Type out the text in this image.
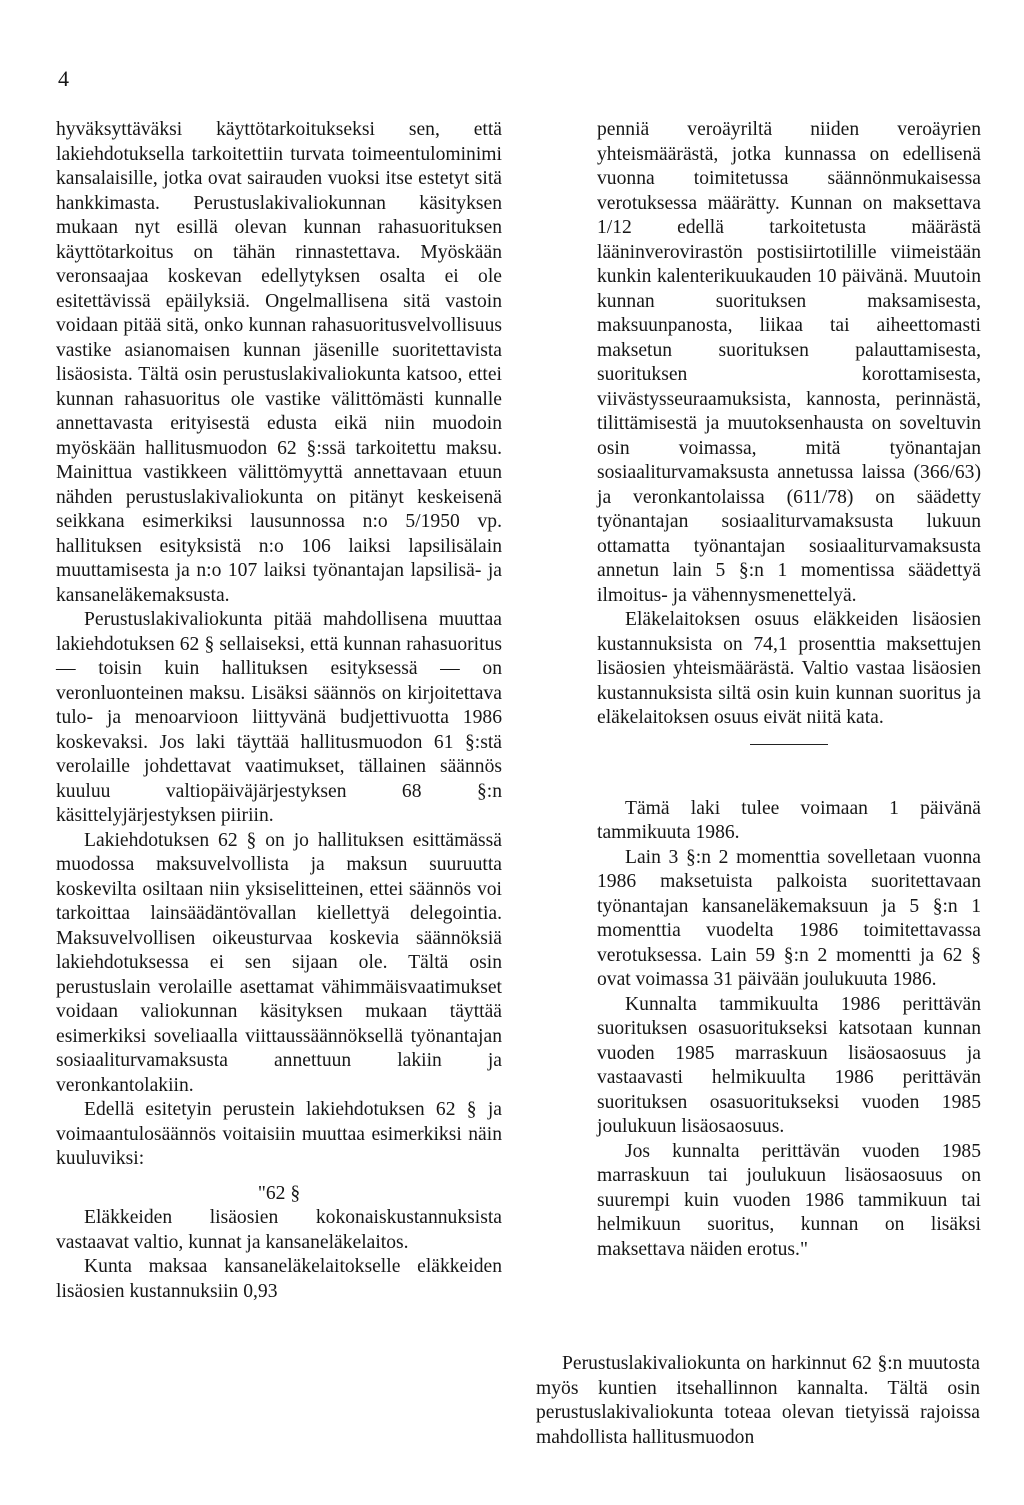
4

hyväksyttäväksi käyttötarkoitukseksi sen, että lakiehdotuksella tarkoitettiin turvata toimeentulominimi kansalaisille, jotka ovat sairauden vuoksi itse estetyt sitä hankkimasta. Perustuslakivaliokunnan käsityksen mukaan nyt esillä olevan kunnan rahasuorituksen käyttötarkoitus on tähän rinnastettava. Myöskään veronsaajaa koskevan edellytyksen osalta ei ole esitettävissä epäilyksiä. Ongelmallisena sitä vastoin voidaan pitää sitä, onko kunnan rahasuoritusvelvollisuus vastike asianomaisen kunnan jäsenille suoritettavista lisäosista. Tältä osin perustuslakivaliokunta katsoo, ettei kunnan rahasuoritus ole vastike välittömästi kunnalle annettavasta erityisestä edusta eikä niin muodoin myöskään hallitusmuodon 62 §:ssä tarkoitettu maksu. Mainittua vastikkeen välittömyyttä annettavaan etuun nähden perustuslakivaliokunta on pitänyt keskeisenä seikkana esimerkiksi lausunnossa n:o 5/1950 vp. hallituksen esityksistä n:o 106 laiksi lapsilisälain muuttamisesta ja n:o 107 laiksi työnantajan lapsilisä- ja kansaneläkemaksusta.

Perustuslakivaliokunta pitää mahdollisena muuttaa lakiehdotuksen 62 § sellaiseksi, että kunnan rahasuoritus — toisin kuin hallituksen esityksessä — on veronluonteinen maksu. Lisäksi säännös on kirjoitettava tulo- ja menoarvioon liittyvänä budjettivuotta 1986 koskevaksi. Jos laki täyttää hallitusmuodon 61 §:stä verolaille johdettavat vaatimukset, tällainen säännös kuuluu valtiopäiväjärjestyksen 68 §:n käsittelyjärjestyksen piiriin.

Lakiehdotuksen 62 § on jo hallituksen esittämässä muodossa maksuvelvollista ja maksun suuruutta koskevilta osiltaan niin yksiselitteinen, ettei säännös voi tarkoittaa lainsäädäntövallan kiellettyä delegointia. Maksuvelvollisen oikeusturvaa koskevia säännöksiä lakiehdotuksessa ei sen sijaan ole. Tältä osin perustuslain verolaille asettamat vähimmäisvaatimukset voidaan valiokunnan käsityksen mukaan täyttää esimerkiksi soveliaalla viittaussäännöksellä työnantajan sosiaaliturvamaksusta annettuun lakiin ja veronkantolakiin.

Edellä esitetyin perustein lakiehdotuksen 62 § ja voimaantulosäännös voitaisiin muuttaa esimerkiksi näin kuuluviksi:

"62 §

Eläkkeiden lisäosien kokonaiskustannuksista vastaavat valtio, kunnat ja kansaneläkelaitos.

Kunta maksaa kansaneläkelaitokselle eläkkeiden lisäosien kustannuksiin 0,93

penniä veroäyriltä niiden veroäyrien yhteismäärästä, jotka kunnassa on edellisenä vuonna toimitetussa säännönmukaisessa verotuksessa määrätty. Kunnan on maksettava 1/12 edellä tarkoitetusta määrästä lääninverovirastön postisiirtotilille viimeistään kunkin kalenterikuukauden 10 päivänä. Muutoin kunnan suorituksen maksamisesta, maksuunpanosta, liikaa tai aiheettomasti maksetun suorituksen palauttamisesta, suorituksen korottamisesta, viivästysseuraamuksista, kannosta, perinnästä, tilittämisestä ja muutoksenhausta on soveltuvin osin voimassa, mitä työnantajan sosiaaliturvamaksusta annetussa laissa (366/63) ja veronkantolaissa (611/78) on säädetty työnantajan sosiaaliturvamaksusta lukuun ottamatta työnantajan sosiaaliturvamaksusta annetun lain 5 §:n 1 momentissa säädettyä ilmoitus- ja vähennysmenettelyä.

Eläkelaitoksen osuus eläkkeiden lisäosien kustannuksista on 74,1 prosenttia maksettujen lisäosien yhteismäärästä. Valtio vastaa lisäosien kustannuksista siltä osin kuin kunnan suoritus ja eläkelaitoksen osuus eivät niitä kata.

Tämä laki tulee voimaan 1 päivänä tammikuuta 1986.

Lain 3 §:n 2 momenttia sovelletaan vuonna 1986 maksetuista palkoista suoritettavaan työnantajan kansaneläkemaksuun ja 5 §:n 1 momenttia vuodelta 1986 toimitettavassa verotuksessa. Lain 59 §:n 2 momentti ja 62 § ovat voimassa 31 päivään joulukuuta 1986.

Kunnalta tammikuulta 1986 perittävän suorituksen osasuoritukseksi katsotaan kunnan vuoden 1985 marraskuun lisäosaosuus ja vastaavasti helmikuulta 1986 perittävän suorituksen osasuoritukseksi vuoden 1985 joulukuun lisäosaosuus.

Jos kunnalta perittävän vuoden 1985 marraskuun tai joulukuun lisäosaosuus on suurempi kuin vuoden 1986 tammikuun tai helmikuun suoritus, kunnan on lisäksi maksettava näiden erotus."

Perustuslakivaliokunta on harkinnut 62 §:n muutosta myös kuntien itsehallinnon kannalta. Tältä osin perustuslakivaliokunta toteaa olevan tietyissä rajoissa mahdollista hallitusmuodon
